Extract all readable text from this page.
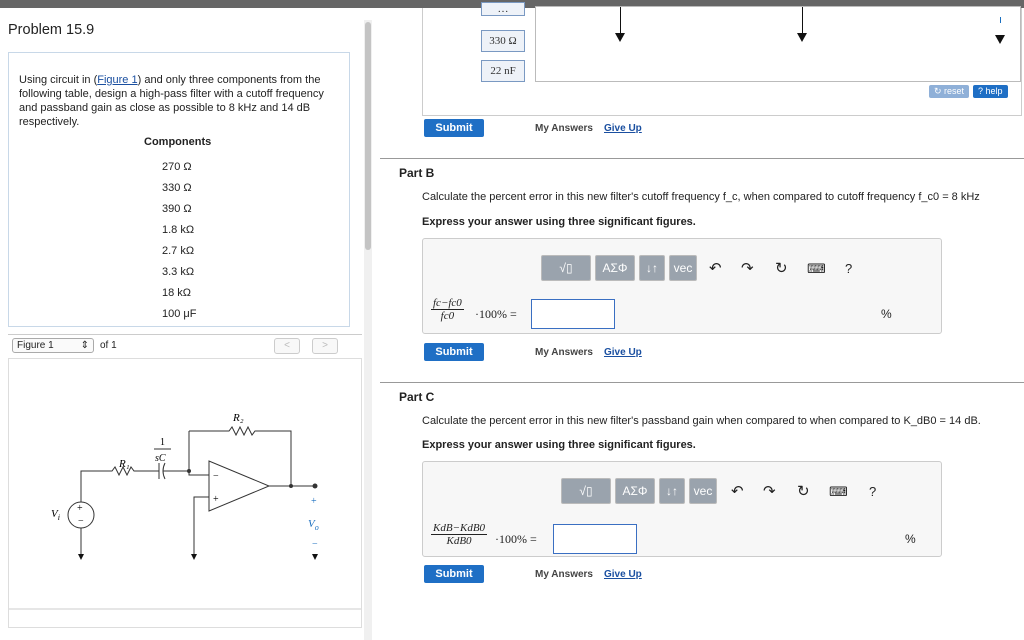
Problem 15.9
Using circuit in (Figure 1) and only three components from the following table, design a high-pass filter with a cutoff frequency and passband gain as close as possible to 8 kHz and 14 dB respectively.
Components
270 Ω
330 Ω
390 Ω
1.8 kΩ
2.7 kΩ
3.3 kΩ
18 kΩ
100 μF
Figure 1	⇕ of 1	<	>
R₂
R₁
1
sC
−
+
+
−
$V_i$
+
$V_o$
−
…
330 Ω
22 nF
↻ reset	? help
Submit	My Answers Give Up
Part B
Calculate the percent error in this new filter's cutoff frequency f_c, when compared to cutoff frequency f_c0 = 8 kHz
Express your answer using three significant figures.
√▯	ΑΣΦ	↓↑	vec	↶ ↷ ↻ ⌨ ?
$\frac{fc-fc0}{fc0} \cdot 100\%$ =	%
Submit	My Answers Give Up
Part C
Calculate the percent error in this new filter's passband gain when compared to when compared to K_dB0 = 14 dB.
Express your answer using three significant figures.
√▯	ΑΣΦ	↓↑	vec	↶ ↷ ↻ ⌨ ?
KdB−KdB0
KdB0	·100% =	%
Submit	My Answers Give Up
